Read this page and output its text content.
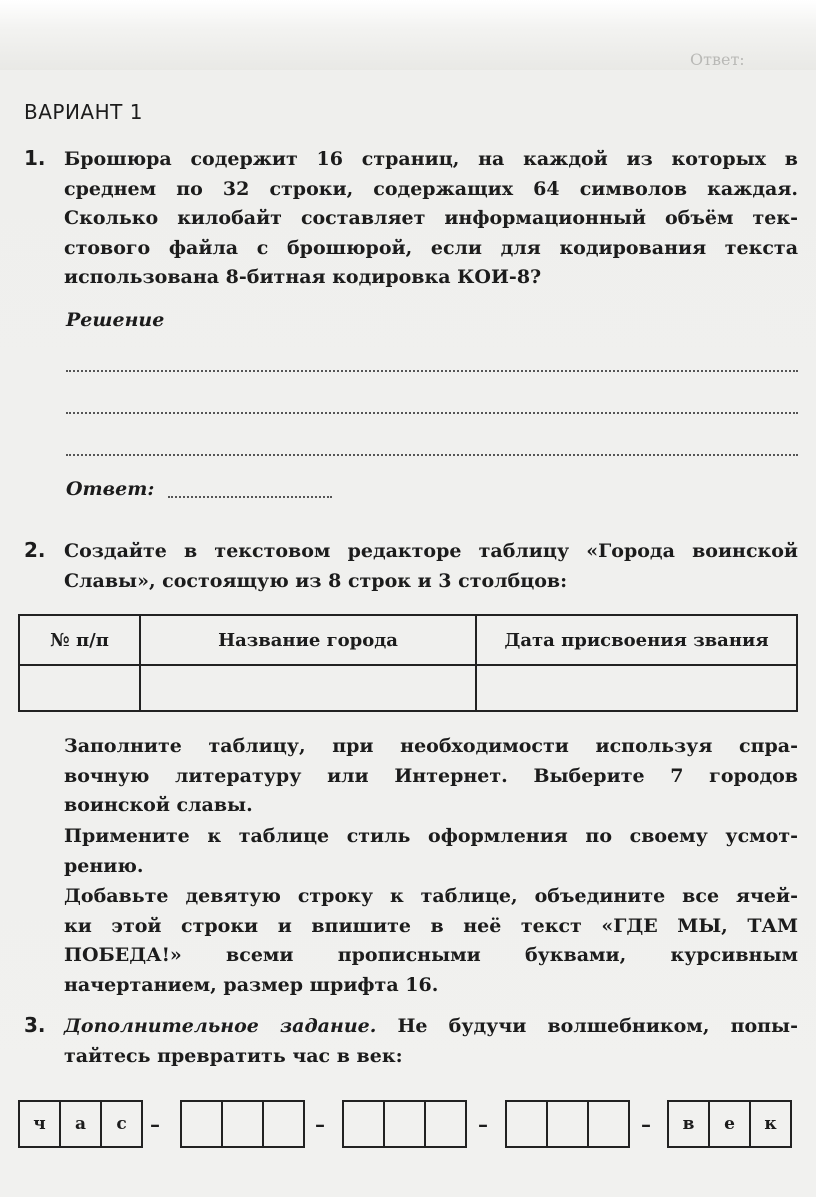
Ответ:
ВАРИАНТ 1
1. Брошюра содержит 16 страниц, на каждой из которых в
среднем по 32 строки, содержащих 64 символов каждая.
Сколько килобайт составляет информационный объём тек-
стового файла с брошюрой, если для кодирования текста
использована 8-битная кодировка КОИ-8?
Решение
Ответ:
2. Создайте в текстовом редакторе таблицу «Города воинской
Славы», состоящую из 8 строк и 3 столбцов:
№ п/п	Название города	Дата присвоения звания

Заполните таблицу, при необходимости используя спра-
вочную литературу или Интернет. Выберите 7 городов
воинской славы.
Примените к таблице стиль оформления по своему усмот-
рению.
Добавьте девятую строку к таблице, объедините все ячей-
ки этой строки и впишите в неё текст «ГДЕ МЫ, ТАМ
ПОБЕДА!» всеми прописными буквами, курсивным
начертанием, размер шрифта 16.
3. Дополнительное задание. Не будучи волшебником, попы-
тайтесь превратить час в век:
ч	а	с	–	–	–	–	в	е	к
